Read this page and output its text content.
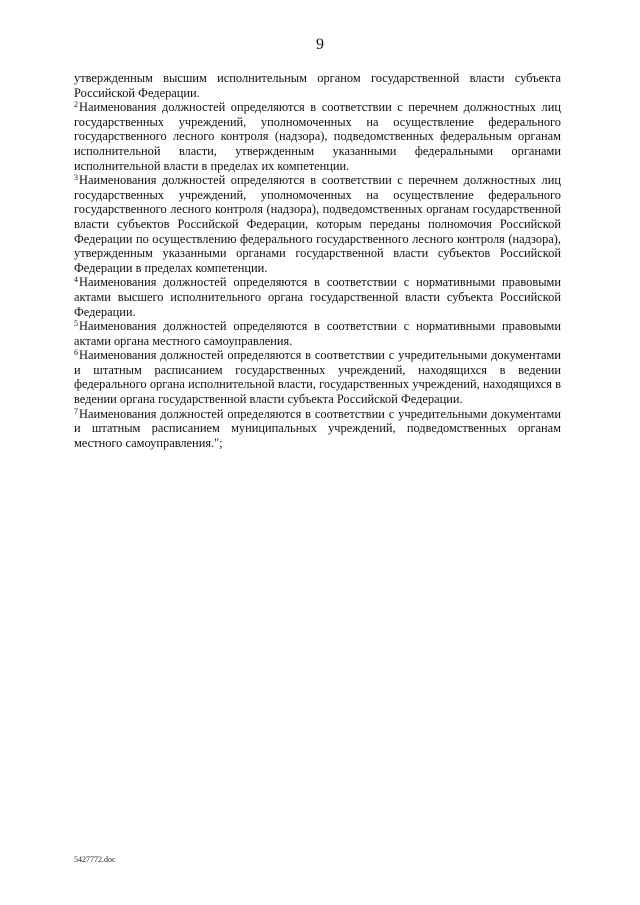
9

утвержденным высшим исполнительным органом государственной власти субъекта Российской Федерации.

$^2$Наименования должностей определяются в соответствии с перечнем должностных лиц государственных учреждений, уполномоченных на осуществление федерального государственного лесного контроля (надзора), подведомственных федеральным органам исполнительной власти, утвержденным указанными федеральными органами исполнительной власти в пределах их компетенции.

$^3$Наименования должностей определяются в соответствии с перечнем должностных лиц государственных учреждений, уполномоченных на осуществление федерального государственного лесного контроля (надзора), подведомственных органам государственной власти субъектов Российской Федерации, которым переданы полномочия Российской Федерации по осуществлению федерального государственного лесного контроля (надзора), утвержденным указанными органами государственной власти субъектов Российской Федерации в пределах компетенции.

$^4$Наименования должностей определяются в соответствии с нормативными правовыми актами высшего исполнительного органа государственной власти субъекта Российской Федерации.

$^5$Наименования должностей определяются в соответствии с нормативными правовыми актами органа местного самоуправления.

$^6$Наименования должностей определяются в соответствии с учредительными документами и штатным расписанием государственных учреждений, находящихся в ведении федерального органа исполнительной власти, государственных учреждений, находящихся в ведении органа государственной власти субъекта Российской Федерации.

$^7$Наименования должностей определяются в соответствии с учредительными документами и штатным расписанием муниципальных учреждений, подведомственных органам местного самоуправления.";

5427772.doc
